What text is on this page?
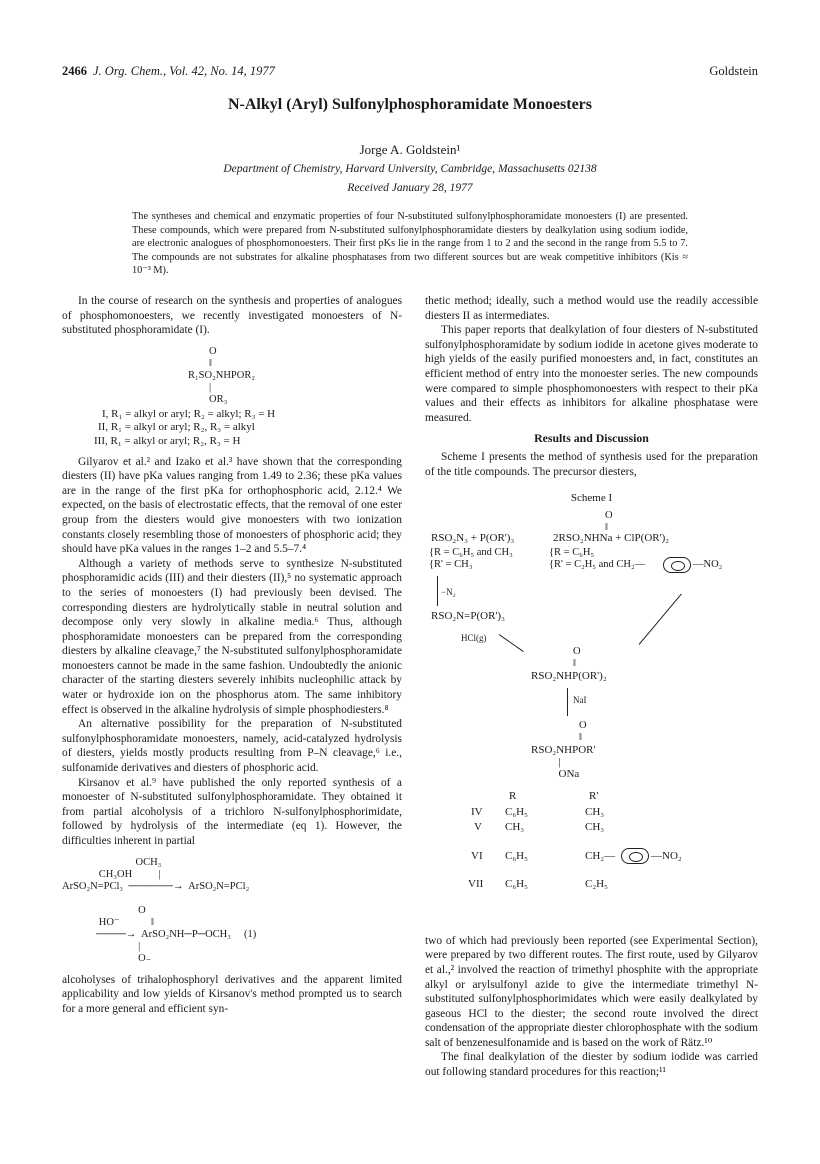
2466 J. Org. Chem., Vol. 42, No. 14, 1977	Goldstein
N-Alkyl (Aryl) Sulfonylphosphoramidate Monoesters
Jorge A. Goldstein¹
Department of Chemistry, Harvard University, Cambridge, Massachusetts 02138
Received January 28, 1977
The syntheses and chemical and enzymatic properties of four N-substituted sulfonylphosphoramidate monoesters (I) are presented. These compounds, which were prepared from N-substituted sulfonylphosphoramidate diesters by dealkylation using sodium iodide, are electronic analogues of phosphomonoesters. Their first pKs lie in the range from 1 to 2 and the second in the range from 5.5 to 7. The compounds are not substrates for alkaline phosphatases from two different sources but are weak competitive inhibitors (Kis ≈ 10⁻³ M).

In the course of research on the synthesis and properties of analogues of phosphomonoesters, we recently investigated monoesters of N-substituted phosphoramidate (I).

O
‖
R₁SO₂NHPOR₂
|
OR₃
I, R₁ = alkyl or aryl; R₂ = alkyl; R₃ = H
II, R₁ = alkyl or aryl; R₂, R₃ = alkyl
III, R₁ = alkyl or aryl; R₂, R₃ = H

Gilyarov et al.² and Izako et al.³ have shown that the corresponding diesters (II) have pKa values ranging from 1.49 to 2.36; these pKa values are in the range of the first pKa for orthophosphoric acid, 2.12.⁴ We expected, on the basis of electrostatic effects, that the removal of one ester group from the diesters would give monoesters with two ionization constants closely resembling those of monoesters of phosphoric acid; they should have pKa values in the ranges 1–2 and 5.5–7.⁴

Although a variety of methods serve to synthesize N-substituted phosphoramidic acids (III) and their diesters (II),⁵ no systematic approach to the series of monoesters (I) had previously been devised. The corresponding diesters are hydrolytically stable in neutral solution and decompose only very slowly in alkaline media.⁶ Thus, although phosphoramidate monoesters can be prepared from the corresponding diesters by alkaline cleavage,⁷ the N-substituted sulfonylphosphoramidate monoesters cannot be made in the same fashion. Undoubtedly the anionic character of the starting diesters severely inhibits nucleophilic attack by water or hydroxide ion on the phosphorus atom. The same inhibitory effect is observed in the alkaline hydrolysis of simple phosphodiesters.⁸

An alternative possibility for the preparation of N-substituted sulfonylphosphoramidate monoesters, namely, acid-catalyzed hydrolysis of diesters, yields mostly products resulting from P–N cleavage,⁶ i.e., sulfonamide derivatives and diesters of phosphoric acid.

Kirsanov et al.⁹ have published the only reported synthesis of a monoester of N-substituted sulfonylphosphoramidate. They obtained it from partial alcoholysis of a trichloro N-sulfonylphosphorimidate, followed by hydrolysis of the intermediate (eq 1). However, the difficulties inherent in partial

OCH₃
CH₃OH          |
ArSO₂N=PCl₃  ──────→  ArSO₂N=PCl₂

O
HO⁻            ‖
────→  ArSO₂NH─P─OCH₃     (1)
|
O₋

alcoholyses of trihalophosphoryl derivatives and the apparent limited applicability and low yields of Kirsanov's method prompted us to search for a more general and efficient syn-

thetic method; ideally, such a method would use the readily accessible diesters II as intermediates.

This paper reports that dealkylation of four diesters of N-substituted sulfonylphosphoramidate by sodium iodide in acetone gives moderate to high yields of the easily purified monoesters and, in fact, constitutes an efficient method of entry into the monoester series. The new compounds were compared to simple phosphomonoesters with respect to their pKa values and their effects as inhibitors for alkaline phosphatase were measured.

Results and Discussion

Scheme I presents the method of synthesis used for the preparation of the title compounds. The precursor diesters,

Scheme I
O
‖
RSO₂N₃ + P(OR')₃	2RSO₂NHNa + ClP(OR')₂
{R = C₆H₅ and CH₃
{R' = CH₃
{R = C₆H₅
{R' = C₂H₅ and CH₂—	—NO₂
−N₂
RSO₂N=P(OR')₃
HCl(g)
O
‖
RSO₂NHP(OR')₂
NaI
O
‖
RSO₂NHPOR'
|
ONa
R	R'
IV C₆H₅	CH₃
V CH₃	CH₃
VI C₆H₅	CH₂—	—NO₂
VII C₆H₅	C₂H₅

two of which had previously been reported (see Experimental Section), were prepared by two different routes. The first route, used by Gilyarov et al.,² involved the reaction of trimethyl phosphite with the appropriate alkyl or arylsulfonyl azide to give the intermediate trimethyl N-substituted sulfonylphosphorimidates which were easily dealkylated by gaseous HCl to the diester; the second route involved the direct condensation of the appropriate diester chlorophosphate with the sodium salt of benzenesulfonamide and is based on the work of Rätz.¹⁰

The final dealkylation of the diester by sodium iodide was carried out following standard procedures for this reaction;¹¹
